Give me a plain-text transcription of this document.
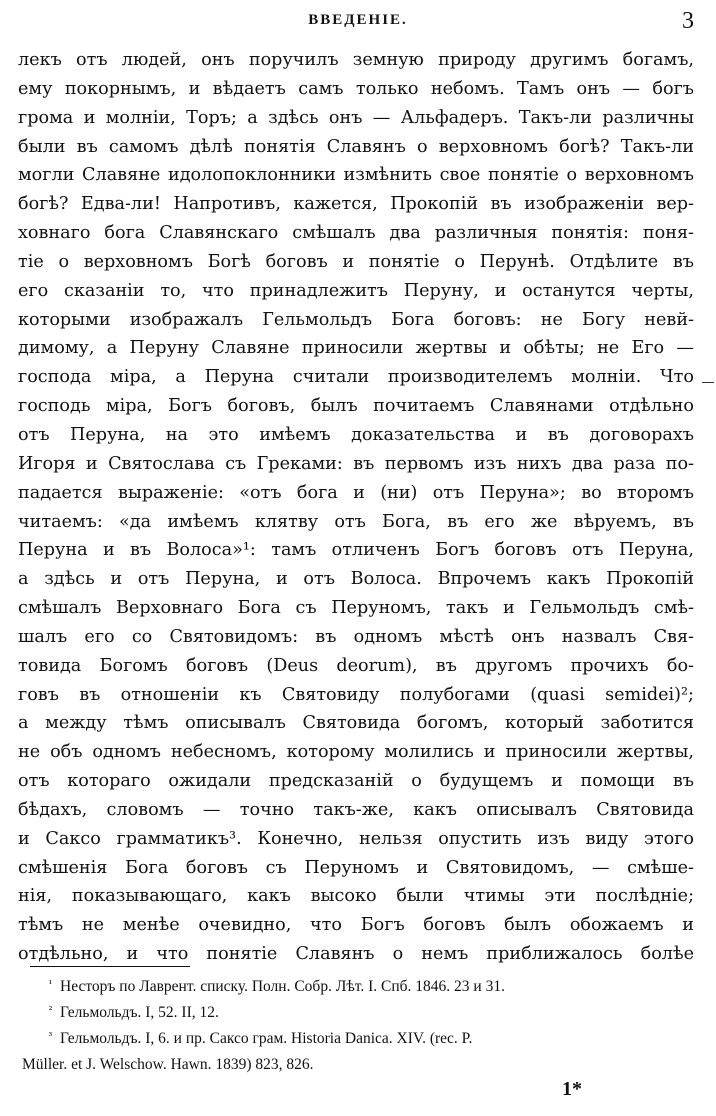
ВВЕДЕНІЕ.	3
лекъ отъ людей, онъ поручилъ земную природу другимъ богамъ,
ему покорнымъ, и вѣдаетъ самъ только небомъ. Тамъ онъ — богъ
грома и молніи, Торъ; а здѣсь онъ — Альфадеръ. Такъ-ли различны
были въ самомъ дѣлѣ понятія Славянъ о верховномъ богѣ? Такъ-ли
могли Славяне идолопоклонники измѣнить свое понятіе о верховномъ
богѣ? Едва-ли! Напротивъ, кажется, Прокопій въ изображеніи вер-
ховнаго бога Славянскаго смѣшалъ два различныя понятія: поня-
тіе о верховномъ Богѣ боговъ и понятіе о Перунѣ. Отдѣлите въ
его сказаніи то, что принадлежитъ Перуну, и останутся черты,
которыми изображалъ Гельмольдъ Бога боговъ: не Богу невй-
димому, а Перуну Славяне приносили жертвы и обѣты; не Его —
господа міра, а Перуна считали производителемъ молніи. Что
господь міра, Богъ боговъ, былъ почитаемъ Славянами отдѣльно
отъ Перуна, на это имѣемъ доказательства и въ договорахъ
Игоря и Святослава съ Греками: въ первомъ изъ нихъ два раза по-
падается выраженіе: «отъ бога и (ни) отъ Перуна»; во второмъ
читаемъ: «да имѣемъ клятву отъ Бога, въ его же вѣруемъ, въ
Перуна и въ Волоса»¹: тамъ отличенъ Богъ боговъ отъ Перуна,
а здѣсь и отъ Перуна, и отъ Волоса. Впрочемъ какъ Прокопій
смѣшалъ Верховнаго Бога съ Перуномъ, такъ и Гельмольдъ смѣ-
шалъ его со Святовидомъ: въ одномъ мѣстѣ онъ назвалъ Свя-
товида Богомъ боговъ (Deus deorum), въ другомъ прочихъ бо-
говъ въ отношеніи къ Святовиду полубогами (quasi semidei)²;
а между тѣмъ описывалъ Святовида богомъ, который заботится
не объ одномъ небесномъ, которому молились и приносили жертвы,
отъ котораго ожидали предсказаній о будущемъ и помощи въ
бѣдахъ, словомъ — точно такъ-же, какъ описывалъ Святовида
и Саксо грамматикъ³. Конечно, нельзя опустить изъ виду этого
смѣшенія Бога боговъ съ Перуномъ и Святовидомъ, — смѣше-
нія, показывающаго, какъ высоко были чтимы эти послѣдніе;
тѣмъ не менѣе очевидно, что Богъ боговъ былъ обожаемъ и
отдѣльно, и что понятіе Славянъ о немъ приближалось болѣе
¹ Несторъ по Лаврент. списку. Полн. Собр. Лѣт. I. Спб. 1846. 23 и 31.
² Гельмольдъ. I, 52. II, 12.
³ Гельмольдъ. I, 6. и пр. Саксо грам. Historia Danica. XIV. (rec. P.
Müller. et J. Welschow. Hawn. 1839) 823, 826.
1*
